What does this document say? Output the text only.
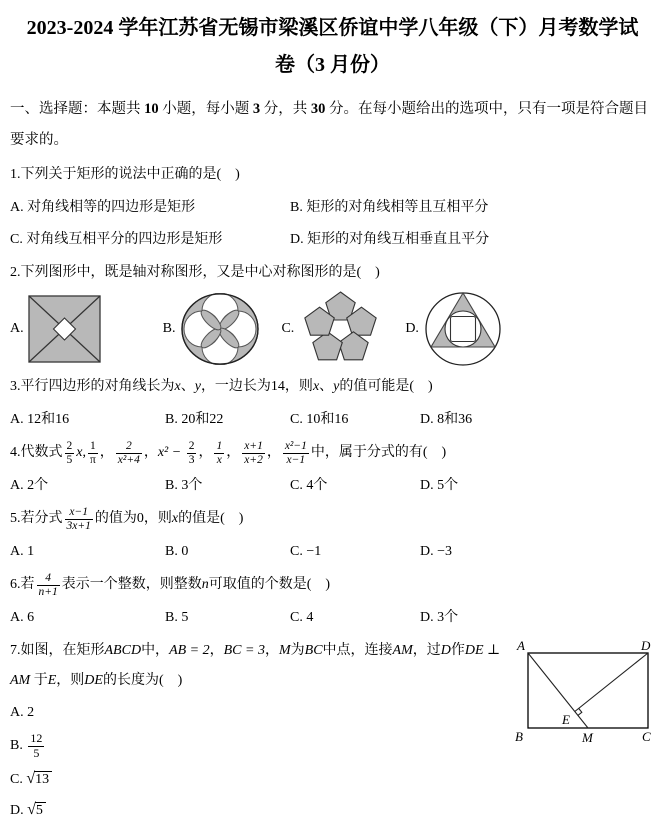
2023-2024 学年江苏省无锡市梁溪区侨谊中学八年级（下）月考数学试
卷（3 月份）

一、选择题：本题共 10 小题，每小题 3 分，共 30 分。在每小题给出的选项中，只有一项是符合题目要求的。

1.下列关于矩形的说法中正确的是(　)
A. 对角线相等的四边形是矩形	B. 矩形的对角线相等且互相平分
C. 对角线互相平分的四边形是矩形	D. 矩形的对角线互相垂直且平分
2.下列图形中，既是轴对称图形，又是中心对称图形的是(　)
A.	B.	C.	D.
3.平行四边形的对角线长为x、y，一边长为14，则x、y的值可能是(　)
A. 12和16	B. 20和22	C. 10和16	D. 8和36
4.代数式 $\frac{2}{5} x$, $\frac{1}{\pi}$ ， $\frac{2}{\text{x²+4}}$ ，$x^2 - \frac{2}{3}$ ， $\frac{1}{x}$ ， $\frac{x+1}{x+2}$ ， $\frac{\text{x²−1}}{x-1}$ 中，属于分式的有(　)
A. 2个	B. 3个	C. 4个	D. 5个
5.若分式 $\frac{x-1}{3x+1}$ 的值为0，则x的值是(　)
A. 1	B. 0	C. −1	D. −3
6.若 $\frac{4}{n+1}$ 表示一个整数，则整数n可取值的个数是(　)
A. 6	B. 5	C. 4	D. 3个
7.如图，在矩形ABCD中，AB = 2，BC = 3，M为BC中点，连接AM，过D作DE ⊥ AM 于E，则DE的长度为(　)
A	D
B	C
M
E
A. 2
B. $\frac{12}{5}$
C. √13
D. √5
